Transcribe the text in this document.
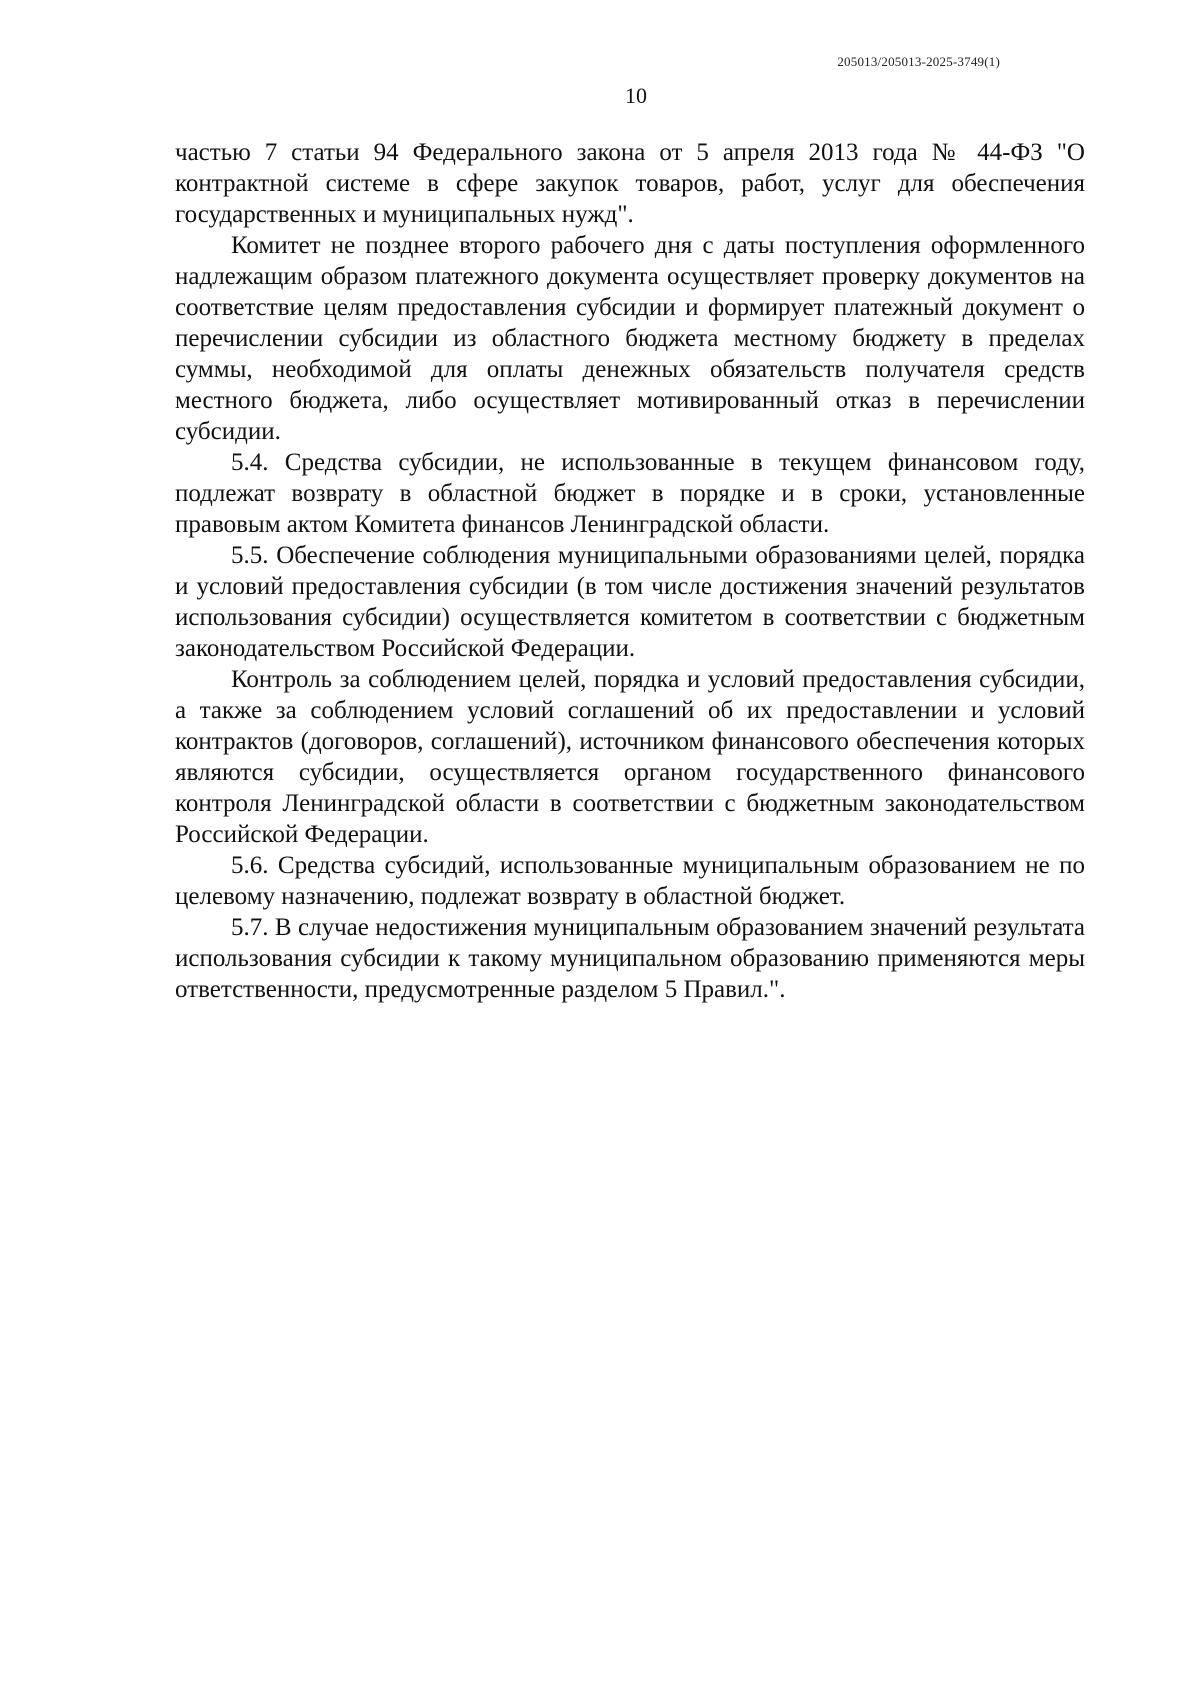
205013/205013-2025-3749(1)
10

частью 7 статьи 94 Федерального закона от 5 апреля 2013 года № 44-ФЗ "О контрактной системе в сфере закупок товаров, работ, услуг для обеспечения государственных и муниципальных нужд".

Комитет не позднее второго рабочего дня с даты поступления оформленного надлежащим образом платежного документа осуществляет проверку документов на соответствие целям предоставления субсидии и формирует платежный документ о перечислении субсидии из областного бюджета местному бюджету в пределах суммы, необходимой для оплаты денежных обязательств получателя средств местного бюджета, либо осуществляет мотивированный отказ в перечислении субсидии.

5.4. Средства субсидии, не использованные в текущем финансовом году, подлежат возврату в областной бюджет в порядке и в сроки, установленные правовым актом Комитета финансов Ленинградской области.

5.5. Обеспечение соблюдения муниципальными образованиями целей, порядка и условий предоставления субсидии (в том числе достижения значений результатов использования субсидии) осуществляется комитетом в соответствии с бюджетным законодательством Российской Федерации.

Контроль за соблюдением целей, порядка и условий предоставления субсидии, а также за соблюдением условий соглашений об их предоставлении и условий контрактов (договоров, соглашений), источником финансового обеспечения которых являются субсидии, осуществляется органом государственного финансового контроля Ленинградской области в соответствии с бюджетным законодательством Российской Федерации.

5.6. Средства субсидий, использованные муниципальным образованием не по целевому назначению, подлежат возврату в областной бюджет.

5.7. В случае недостижения муниципальным образованием значений результата использования субсидии к такому муниципальном образованию применяются меры ответственности, предусмотренные разделом 5 Правил.".
